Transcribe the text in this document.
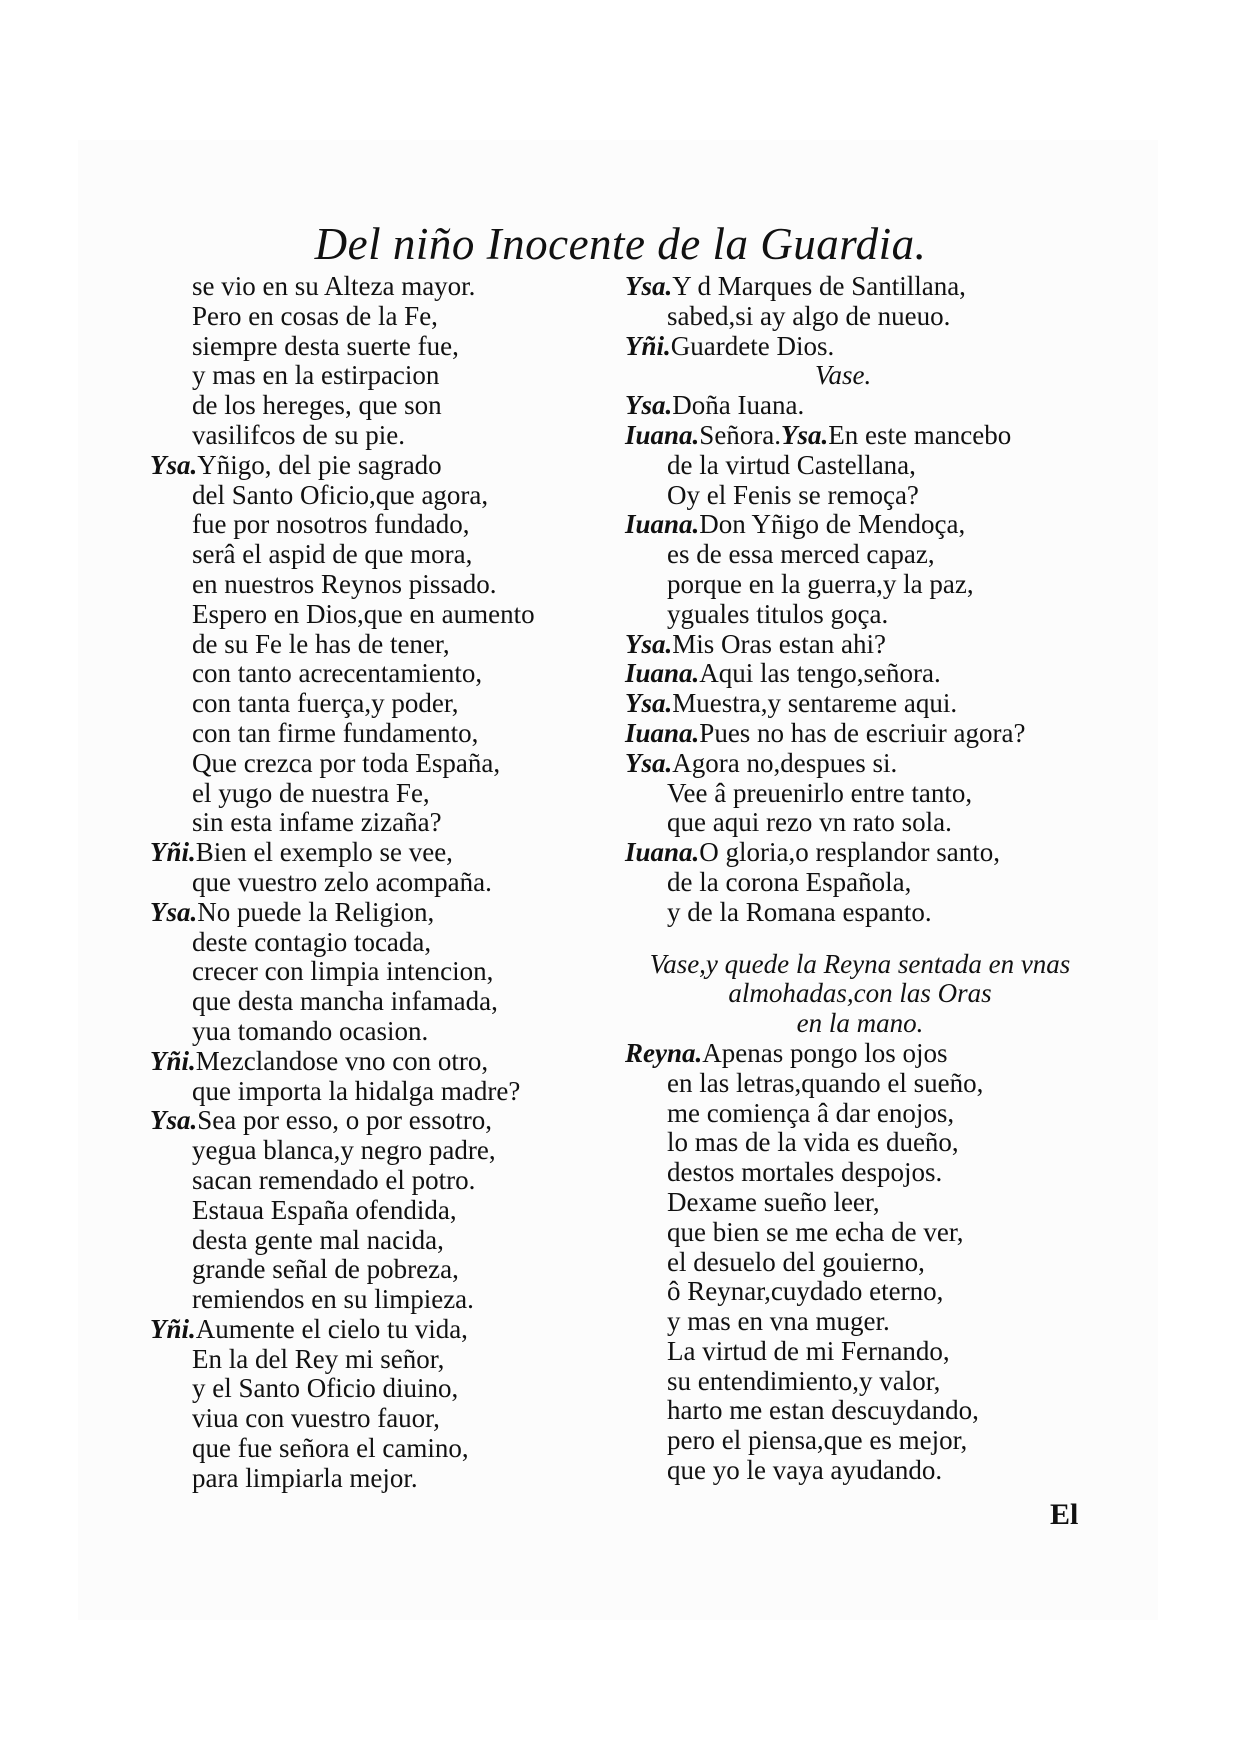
Del niño Inocente de la Guardia.
se vio en su Alteza mayor.
Pero en cosas de la Fe,
siempre desta suerte fue,
y mas en la estirpacion
de los hereges, que son
vasilifcos de su pie.
Ysa.Yñigo, del pie sagrado
del Santo Oficio,que agora,
fue por nosotros fundado,
serâ el aspid de que mora,
en nuestros Reynos pissado.
Espero en Dios,que en aumento
de su Fe le has de tener,
con tanto acrecentamiento,
con tanta fuerça,y poder,
con tan firme fundamento,
Que crezca por toda España,
el yugo de nuestra Fe,
sin esta infame zizaña?
Yñi.Bien el exemplo se vee,
que vuestro zelo acompaña.
Ysa.No puede la Religion,
deste contagio tocada,
crecer con limpia intencion,
que desta mancha infamada,
yua tomando ocasion.
Yñi.Mezclandose vno con otro,
que importa la hidalga madre?
Ysa.Sea por esso, o por essotro,
yegua blanca,y negro padre,
sacan remendado el potro.
Estaua España ofendida,
desta gente mal nacida,
grande señal de pobreza,
remiendos en su limpieza.
Yñi.Aumente el cielo tu vida,
En la del Rey mi señor,
y el Santo Oficio diuino,
viua con vuestro fauor,
que fue señora el camino,
para limpiarla mejor.
Ysa.Y d Marques de Santillana,
sabed,si ay algo de nueuo.
Yñi.Guardete Dios.
Vase.
Ysa.Doña Iuana.
Iuana.Señora.Ysa.En este mancebo
de la virtud Castellana,
Oy el Fenis se remoça?
Iuana.Don Yñigo de Mendoça,
es de essa merced capaz,
porque en la guerra,y la paz,
yguales titulos goça.
Ysa.Mis Oras estan ahi?
Iuana.Aqui las tengo,señora.
Ysa.Muestra,y sentareme aqui.
Iuana.Pues no has de escriuir agora?
Ysa.Agora no,despues si.
Vee â preuenirlo entre tanto,
que aqui rezo vn rato sola.
Iuana.O gloria,o resplandor santo,
de la corona Española,
y de la Romana espanto.
Vase,y quede la Reyna sentada en vnas
almohadas,con las Oras
en la mano.
Reyna.Apenas pongo los ojos
en las letras,quando el sueño,
me comiença â dar enojos,
lo mas de la vida es dueño,
destos mortales despojos.
Dexame sueño leer,
que bien se me echa de ver,
el desuelo del gouierno,
ô Reynar,cuydado eterno,
y mas en vna muger.
La virtud de mi Fernando,
su entendimiento,y valor,
harto me estan descuydando,
pero el piensa,que es mejor,
que yo le vaya ayudando.
El
